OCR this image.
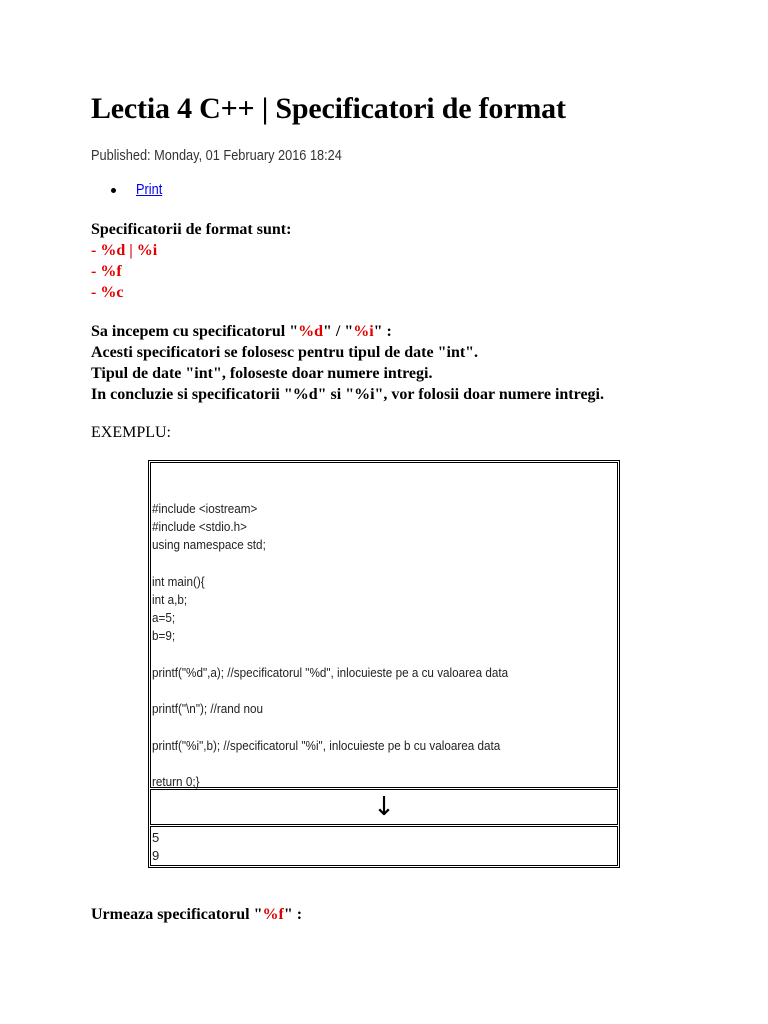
Lectia 4 C++ | Specificatori de format
Published: Monday, 01 February 2016 18:24
Print
Specificatorii de format sunt:
- %d | %i
- %f
- %c
Sa incepem cu specificatorul "%d" / "%i" :
Acesti specificatori se folosesc pentru tipul de date "int".
Tipul de date "int", foloseste doar numere intregi.
In concluzie si specificatorii "%d" si "%i", vor folosii doar numere intregi.
EXEMPLU:
#include <iostream>
#include <stdio.h>
using namespace std;

int main(){
int a,b;
a=5;
b=9;

printf("%d",a); //specificatorul "%d", inlocuieste pe a cu valoarea data

printf("\n"); //rand nou

printf("%i",b); //specificatorul "%i", inlocuieste pe b cu valoarea data

return 0;}
↓
5
9
Urmeaza specificatorul "%f" :
